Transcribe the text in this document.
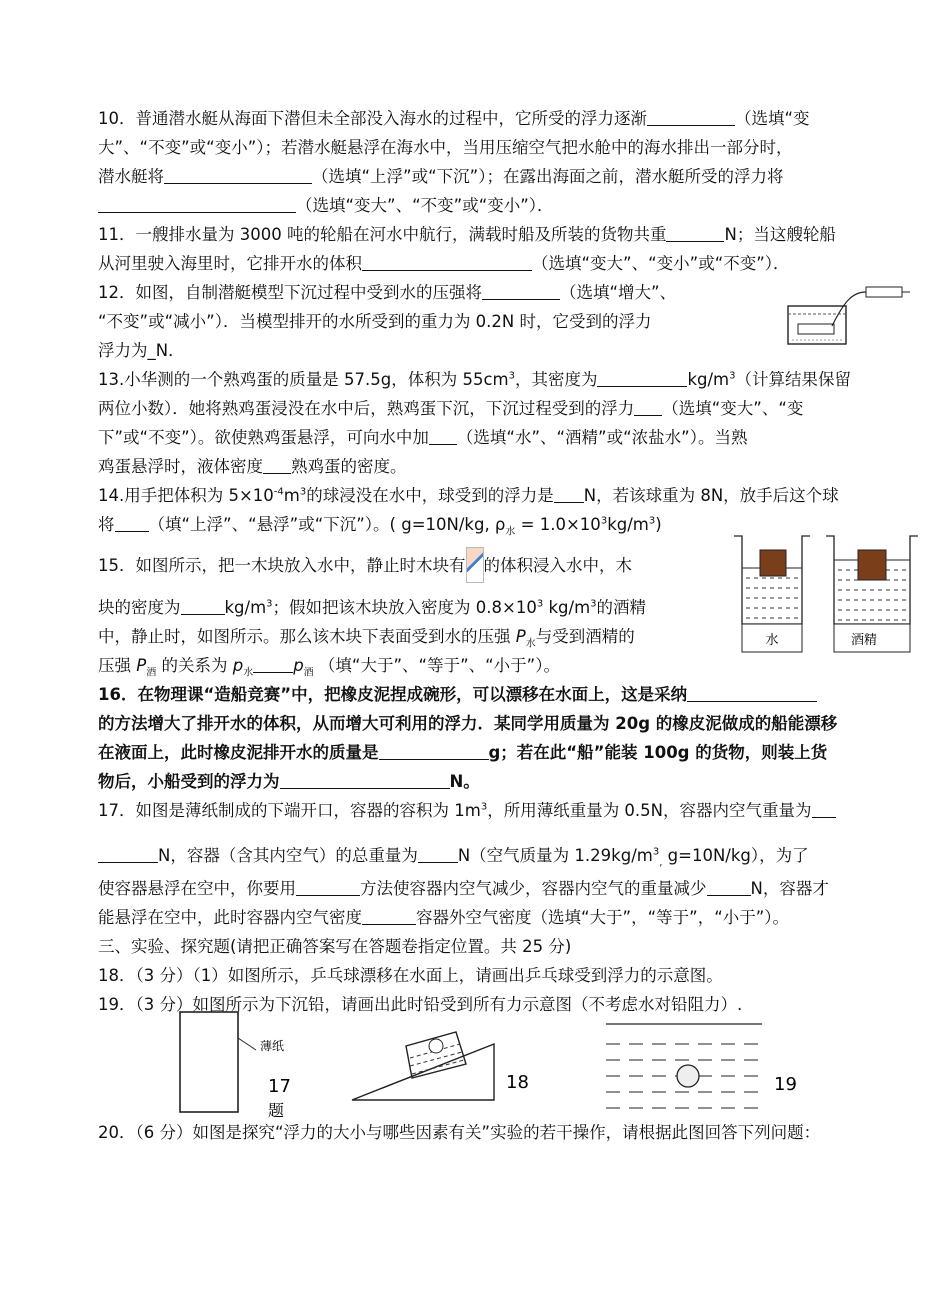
10．普通潜水艇从海面下潜但未全部没入海水的过程中，它所受的浮力逐渐	（选填“变

大”、“不变”或“变小”）；若潜水艇悬浮在海水中，当用压缩空气把水舱中的海水排出一部分时，

潜水艇将	（选填“上浮”或“下沉”）；在露出海面之前，潜水艇所受的浮力将

（选填“变大”、“不变”或“变小”）．

11．一艘排水量为 3000 吨的轮船在河水中航行，满载时船及所装的货物共重	N；当这艘轮船

从河里驶入海里时，它排开水的体积	（选填“变大”、“变小”或“不变”）．

12．如图，自制潜艇模型下沉过程中受到水的压强将	（选填“增大”、

“不变”或“减小”）．当模型排开的水所受到的重力为 0.2N 时，它受到的浮力

浮力为_N．

13.小华测的一个熟鸡蛋的质量是 57.5g，体积为 $55cm^3$，其密度为	$kg/m^3$（计算结果保留

两位小数）．她将熟鸡蛋浸没在水中后，熟鸡蛋下沉，下沉过程受到的浮力 （选填“变大”、“变

下”或“不变”）。欲使熟鸡蛋悬浮，可向水中加 （选填“水”、“酒精”或“浓盐水”）。当熟

鸡蛋悬浮时，液体密度 熟鸡蛋的密度。

14.用手把体积为 $5\times 10^{-4}m^3$的球浸没在水中，球受到的浮力是 N，若该球重为 8N，放手后这个球

将 （填“上浮”、“悬浮”或“下沉”）。( g=10N/kg, $\rho_水 = 1.0\times 10^3kg/m^3$)

15．如图所示，把一木块放入水中，静止时木块有 的体积浸入水中，木

块的密度为	$kg/m^3$；假如把该木块放入密度为 $0.8\times 10^3$ $kg/m^3$的酒精

中，静止时，如图所示。那么该木块下表面受到水的压强 $P_水$与受到酒精的

压强 $P_酒$ 的关系为 $p_水$ $p_酒$ （填“大于”、“等于”、“小于”）。

16．在物理课“造船竞赛”中，把橡皮泥捏成碗形，可以漂移在水面上，这是采纳

的方法增大了排开水的体积，从而增大可利用的浮力．某同学用质量为 20g 的橡皮泥做成的船能漂移

在液面上，此时橡皮泥排开水的质量是	g；若在此“船”能装 100g 的货物，则装上货

物后，小船受到的浮力为	N。

17．如图是薄纸制成的下端开口，容器的容积为 $1m^3$，所用薄纸重量为 0.5N，容器内空气重量为

N，容器（含其内空气）的总重量为 N（空气质量为 $1.29kg/m^3_,$ g=10N/kg），为了

使容器悬浮在空中，你要用	方法使容器内空气减少，容器内空气的重量减少	N，容器才

能悬浮在空中，此时容器内空气密度	容器外空气密度（选填“大于”，“等于”，“小于”）。

三、实验、探究题(请把正确答案写在答题卷指定位置。共 25 分)

18．（3 分）（1）如图所示，乒乓球漂移在水面上，请画出乒乓球受到浮力的示意图。

19．（3 分）如图所示为下沉铅，请画出此时铅受到所有力示意图（不考虑水对铅阻力）.

水	酒精
薄纸
17
题
18	19

20．（6 分）如图是探究“浮力的大小与哪些因素有关”实验的若干操作，请根据此图回答下列问题：
